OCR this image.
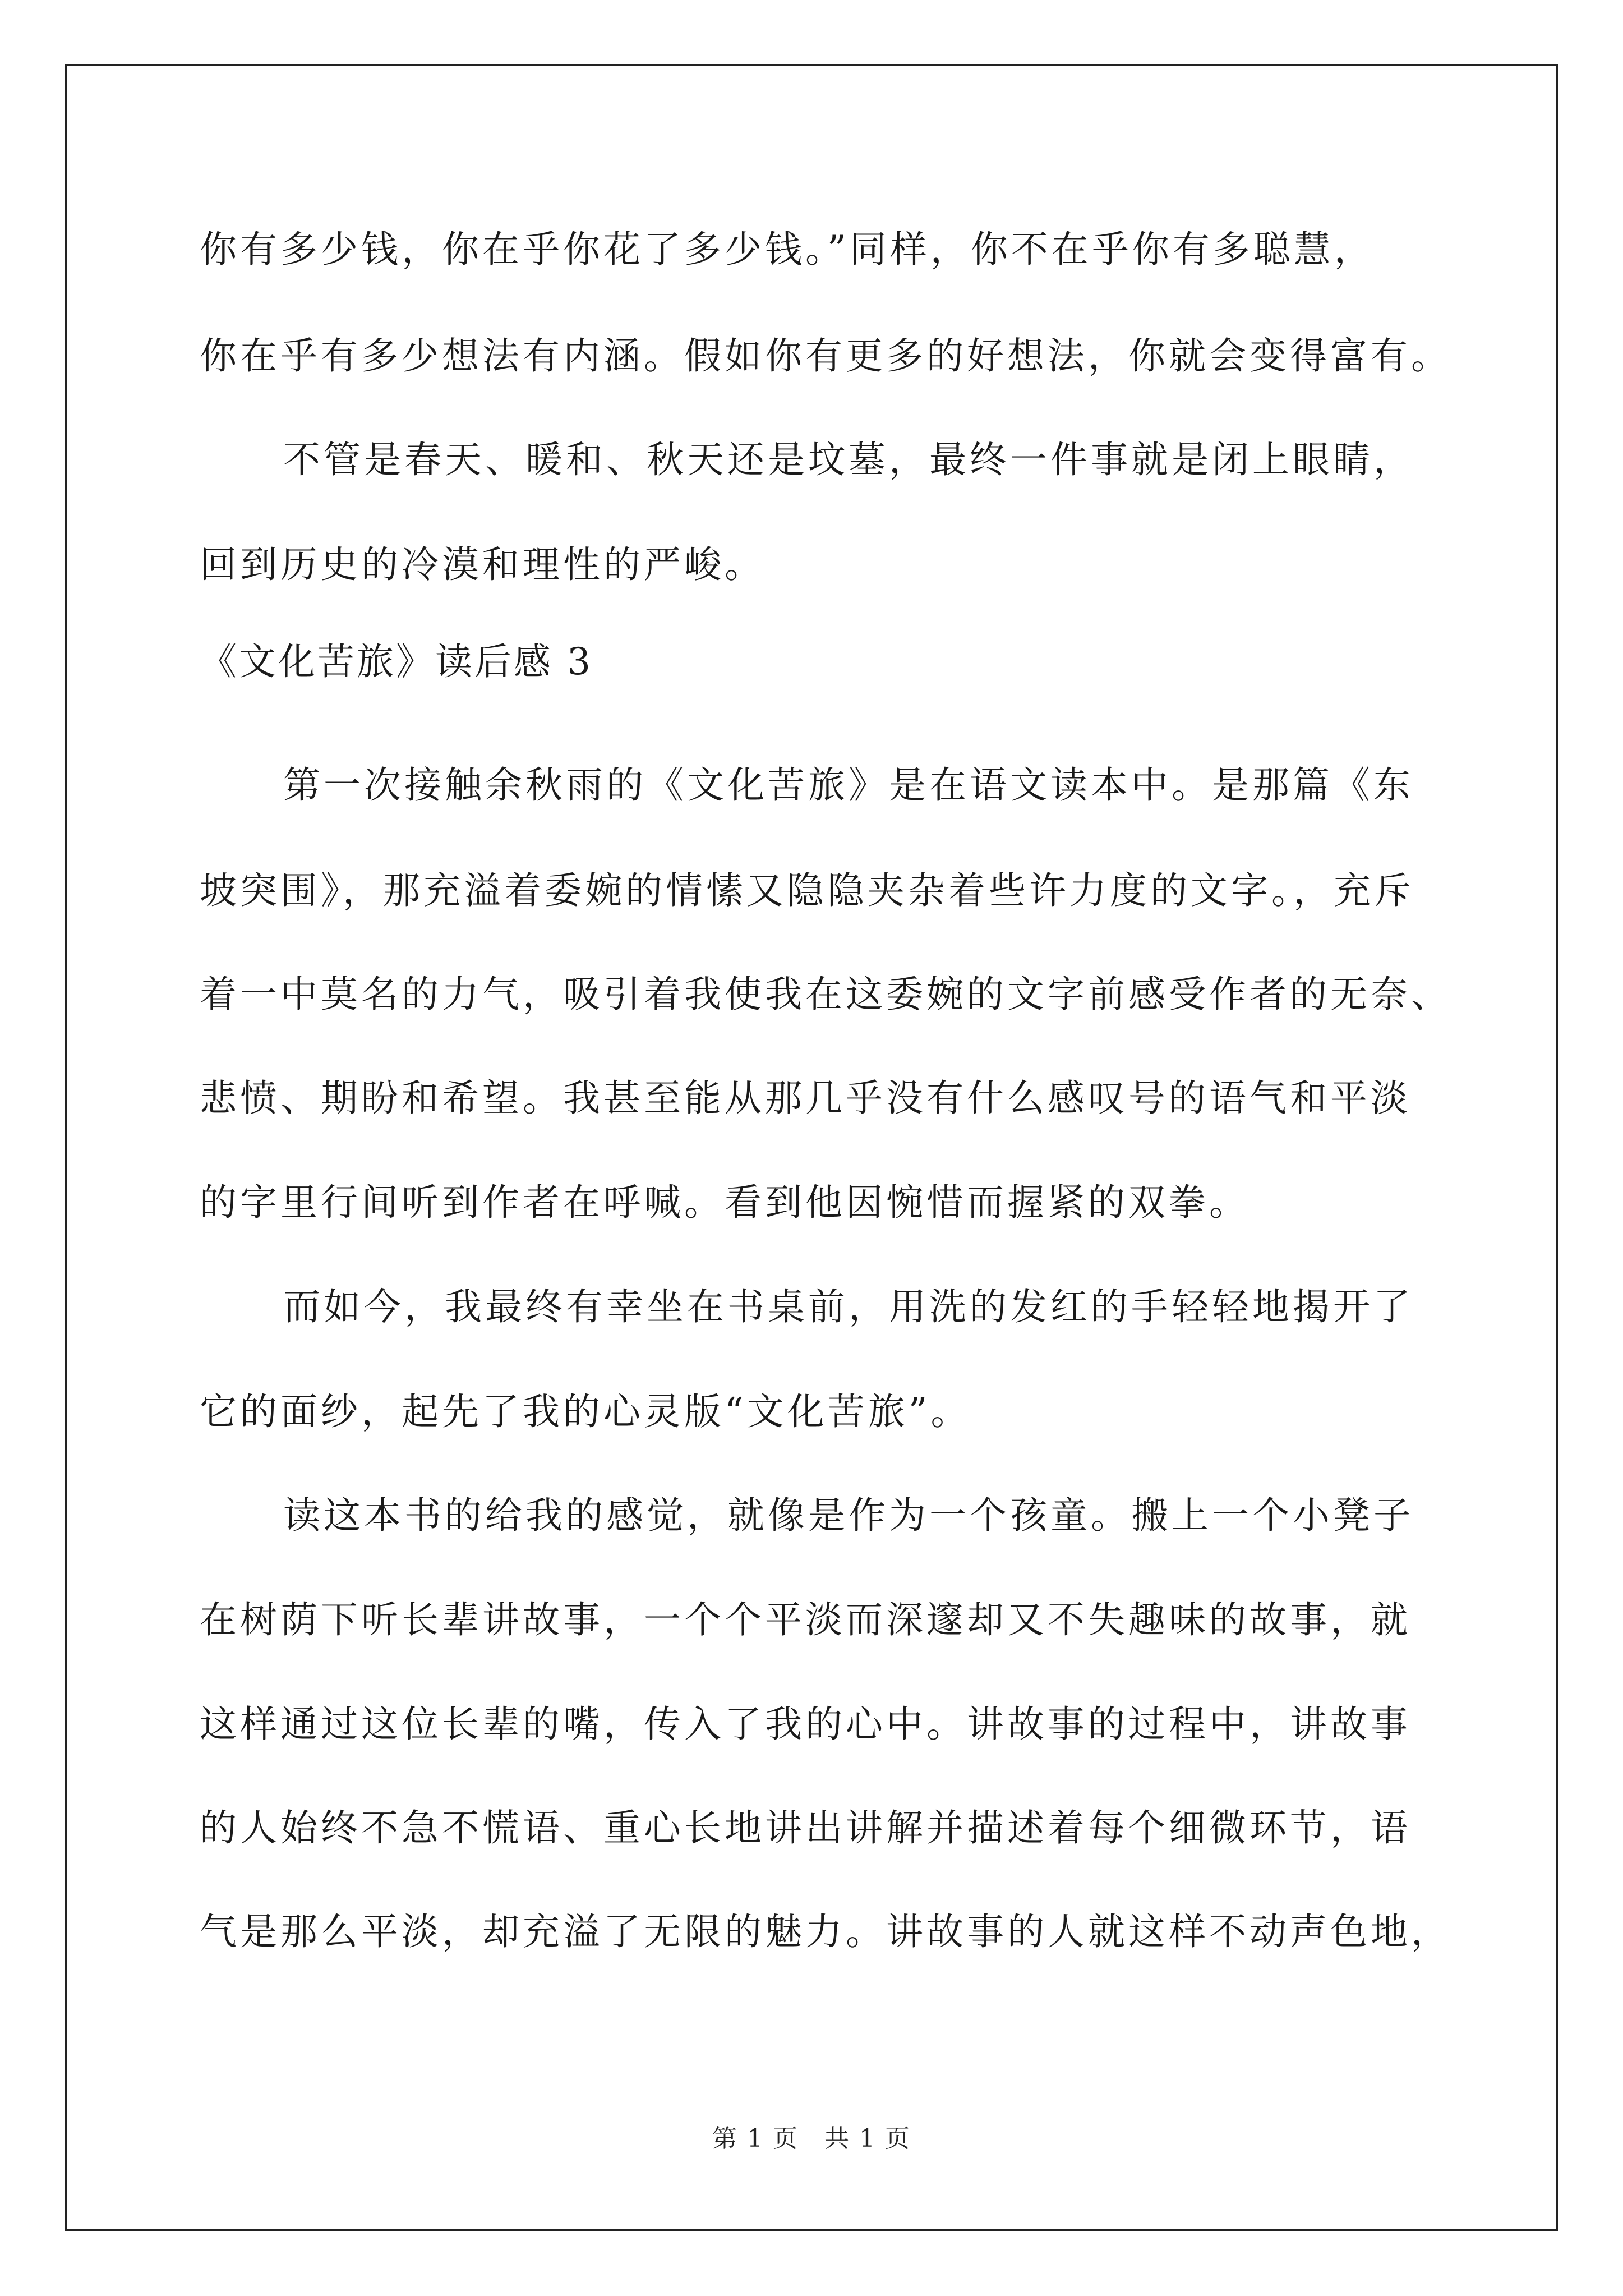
你有多少钱，你在乎你花了多少钱。”同样，你不在乎你有多聪慧，
你在乎有多少想法有内涵。假如你有更多的好想法，你就会变得富有。
不管是春天、暖和、秋天还是坟墓，最终一件事就是闭上眼睛，
回到历史的冷漠和理性的严峻。
《文化苦旅》读后感 3
第一次接触余秋雨的《文化苦旅》是在语文读本中。是那篇《东
坡突围》，那充溢着委婉的情愫又隐隐夹杂着些许力度的文字。，充斥
着一中莫名的力气，吸引着我使我在这委婉的文字前感受作者的无奈、
悲愤、期盼和希望。我甚至能从那几乎没有什么感叹号的语气和平淡
的字里行间听到作者在呼喊。看到他因惋惜而握紧的双拳。
而如今，我最终有幸坐在书桌前，用洗的发红的手轻轻地揭开了
它的面纱，起先了我的心灵版“文化苦旅”。
读这本书的给我的感觉，就像是作为一个孩童。搬上一个小凳子
在树荫下听长辈讲故事，一个个平淡而深邃却又不失趣味的故事，就
这样通过这位长辈的嘴，传入了我的心中。讲故事的过程中，讲故事
的人始终不急不慌语、重心长地讲出讲解并描述着每个细微环节，语
气是那么平淡，却充溢了无限的魅力。讲故事的人就这样不动声色地，
第 1 页 共 1 页
